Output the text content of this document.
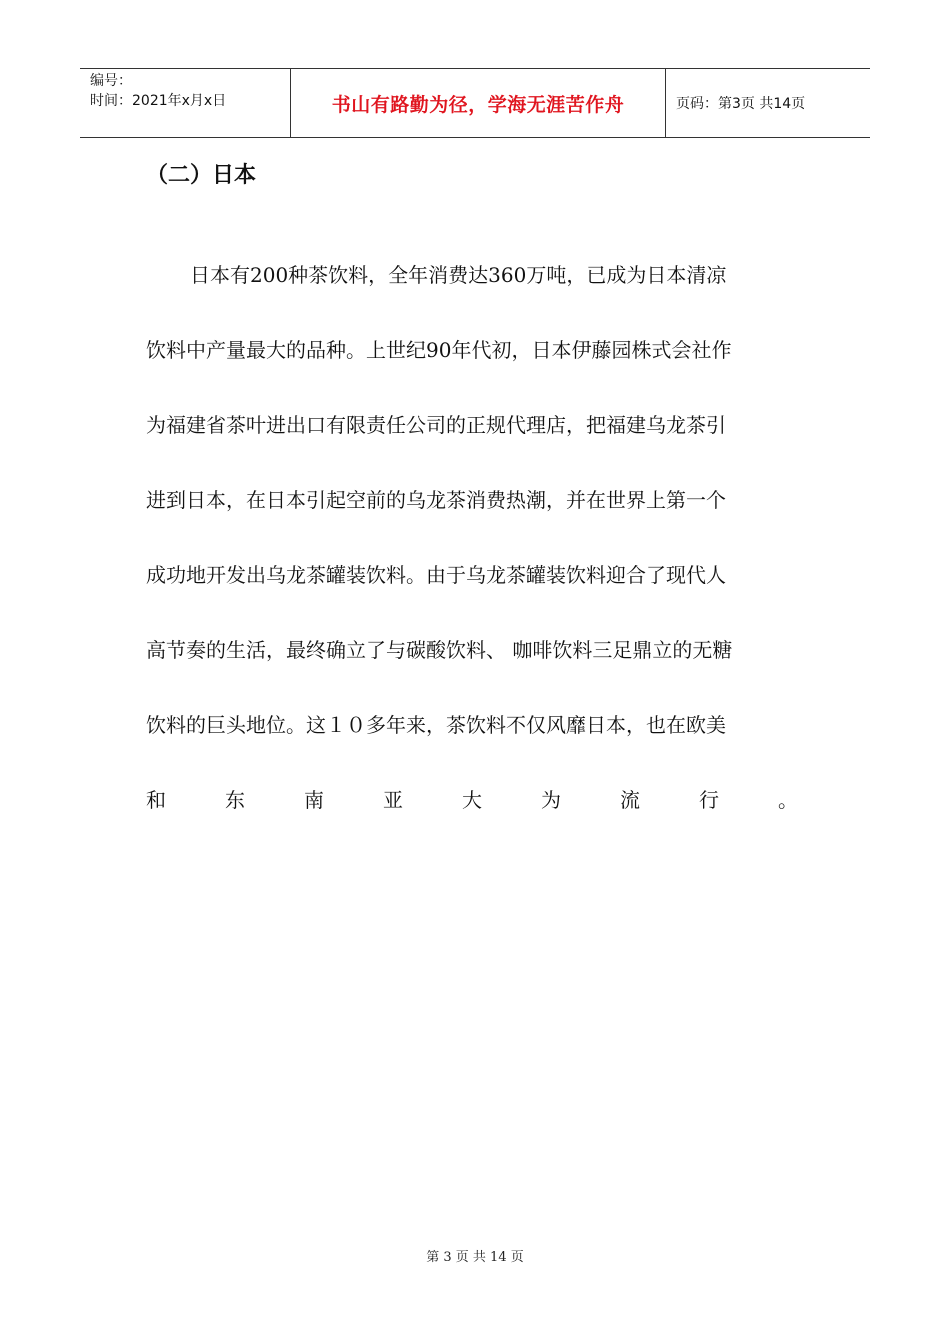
编号：
时间：2021年x月x日	书山有路勤为径，学海无涯苦作舟	页码：第3页 共14页
（二）日本
日本有200种茶饮料，全年消费达360万吨，已成为日本清凉
饮料中产量最大的品种。上世纪90年代初，日本伊藤园株式会社作
为福建省茶叶进出口有限责任公司的正规代理店，把福建乌龙茶引
进到日本，在日本引起空前的乌龙茶消费热潮，并在世界上第一个
成功地开发出乌龙茶罐装饮料。由于乌龙茶罐装饮料迎合了现代人
高节奏的生活，最终确立了与碳酸饮料、 咖啡饮料三足鼎立的无糖
饮料的巨头地位。这１０多年来，茶饮料不仅风靡日本，也在欧美
和	东	南	亚	大	为	流	行	。
第 3 页 共 14 页
